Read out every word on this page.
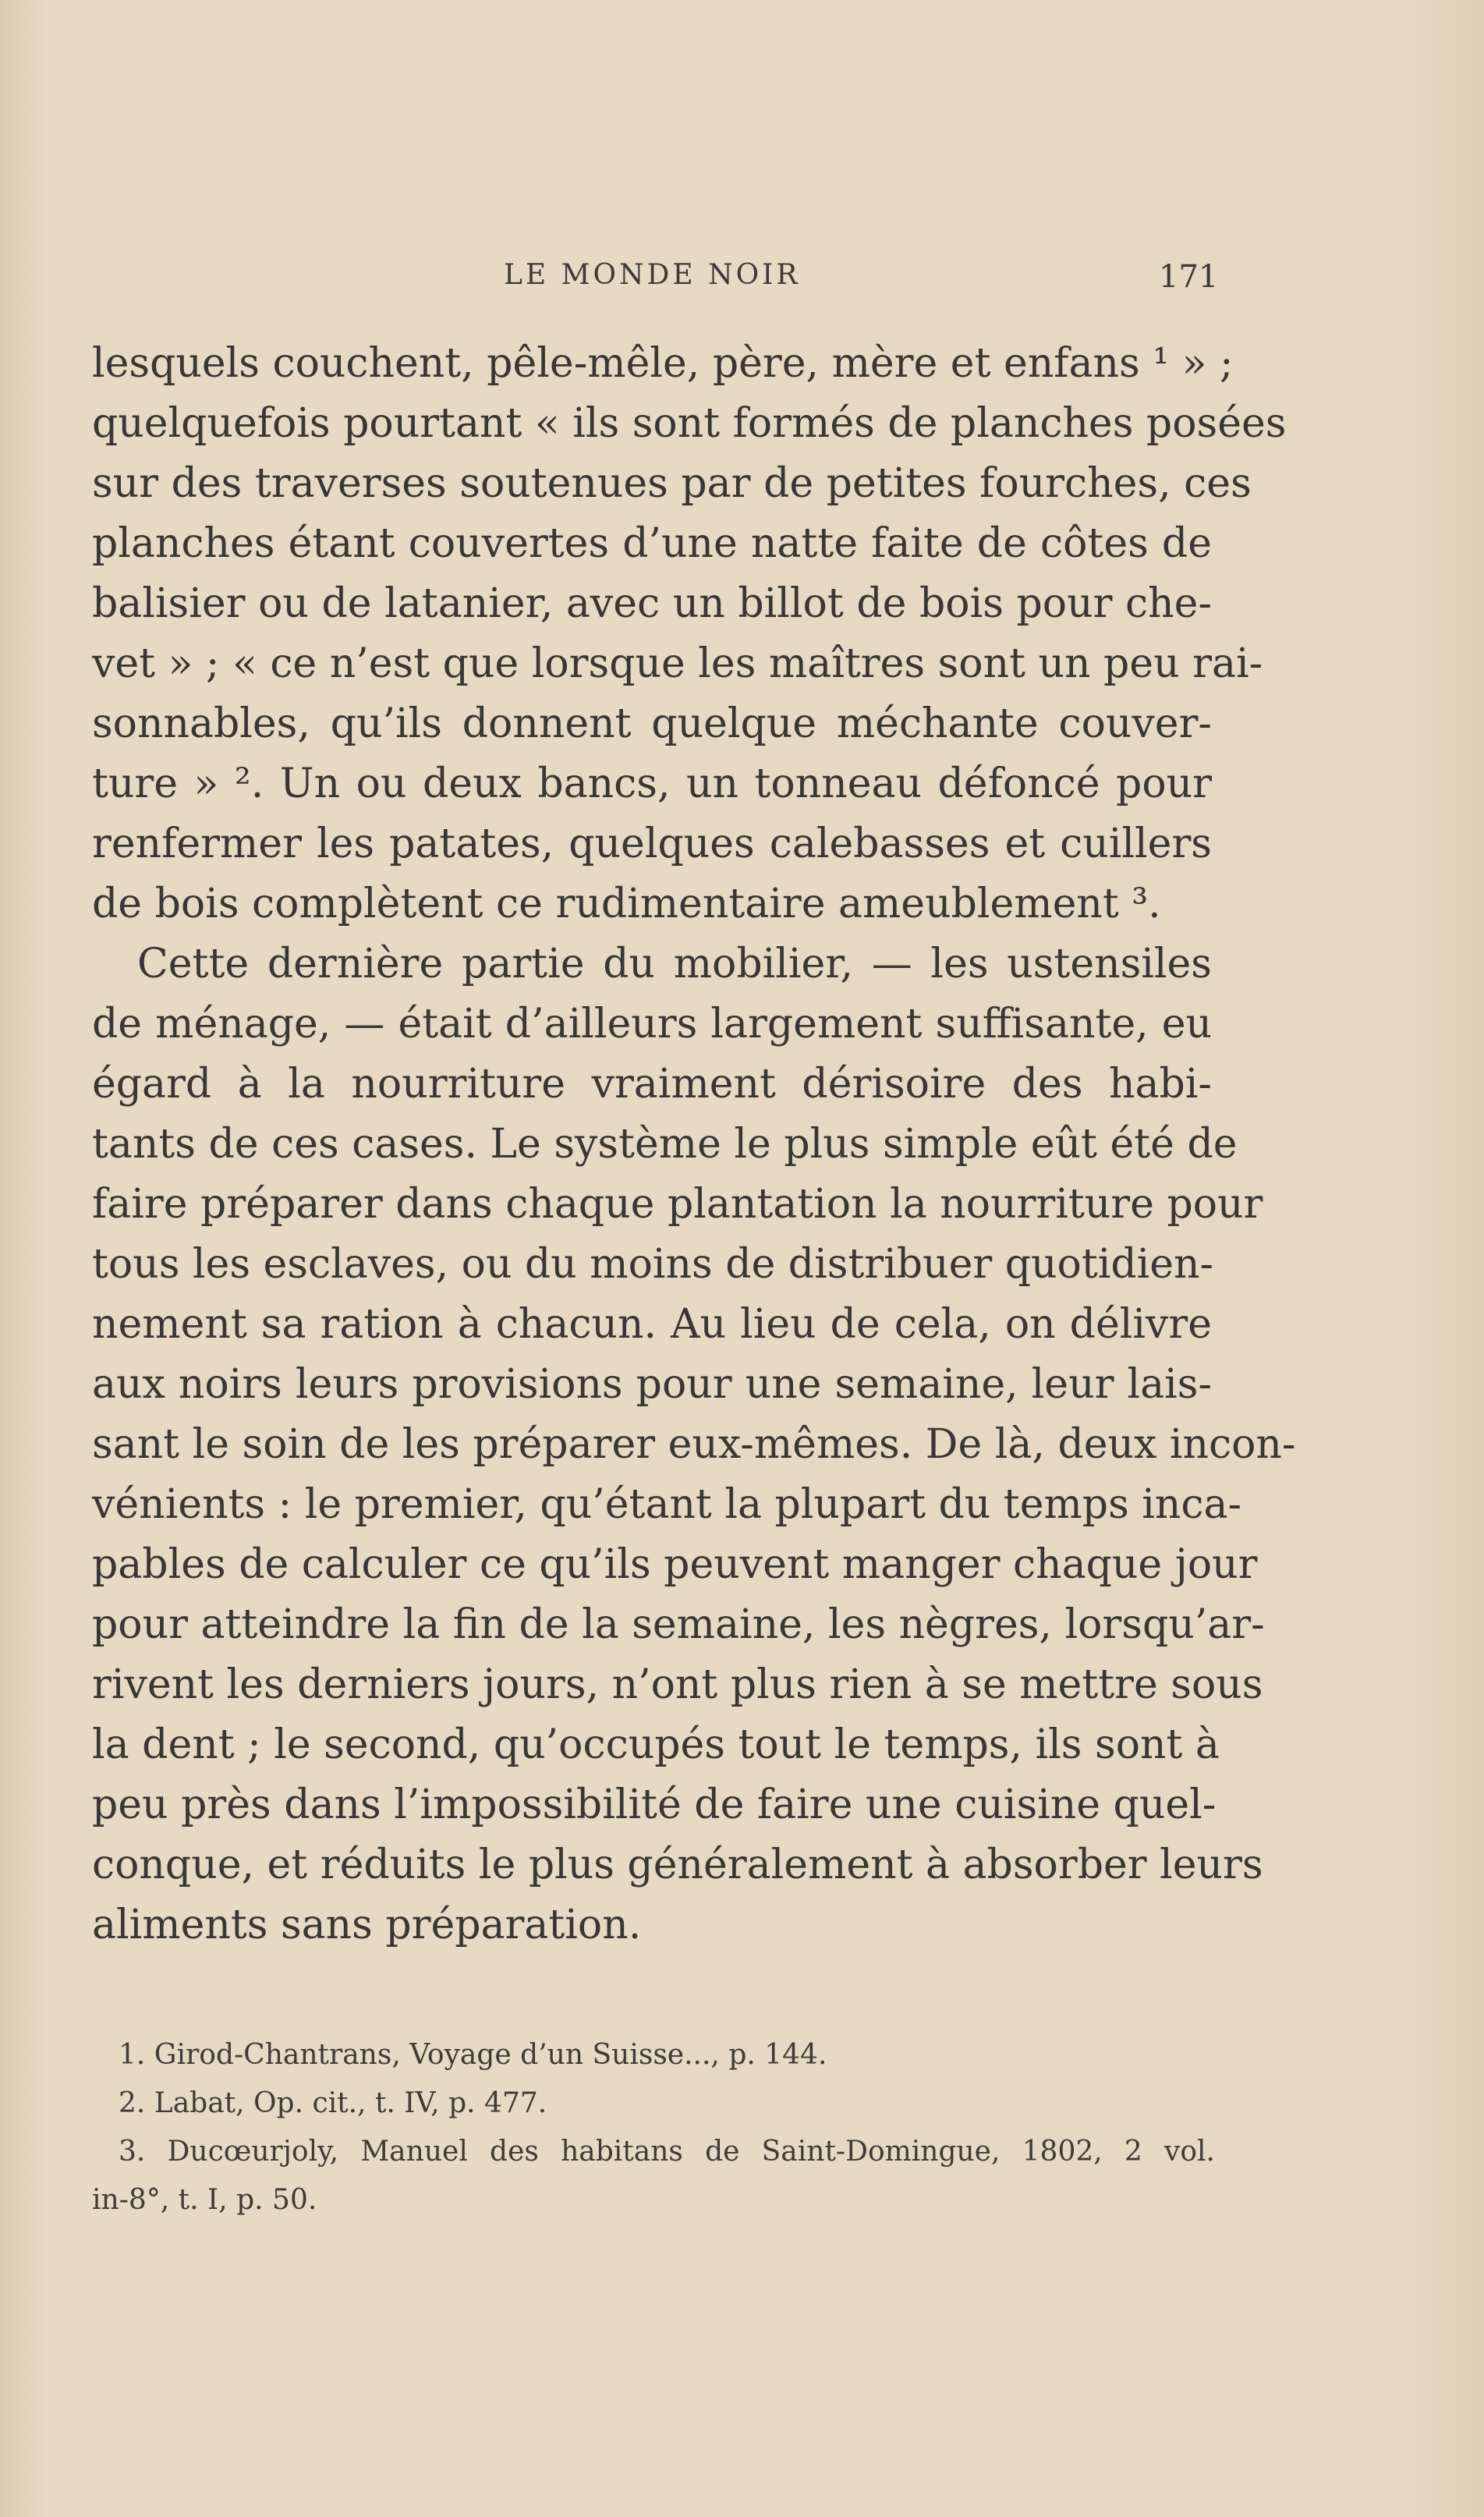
LE MONDE NOIR	171
lesquels couchent, pêle-mêle, père, mère et enfans ¹ » ;
quelquefois pourtant « ils sont formés de planches posées
sur des traverses soutenues par de petites fourches, ces
planches étant couvertes d’une natte faite de côtes de
balisier ou de latanier, avec un billot de bois pour che-
vet » ; « ce n’est que lorsque les maîtres sont un peu rai-
sonnables, qu’ils donnent quelque méchante couver-
ture » ². Un ou deux bancs, un tonneau défoncé pour
renfermer les patates, quelques calebasses et cuillers
de bois complètent ce rudimentaire ameublement ³.
Cette dernière partie du mobilier, — les ustensiles
de ménage, — était d’ailleurs largement suffisante, eu
égard à la nourriture vraiment dérisoire des habi-
tants de ces cases. Le système le plus simple eût été de
faire préparer dans chaque plantation la nourriture pour
tous les esclaves, ou du moins de distribuer quotidien-
nement sa ration à chacun. Au lieu de cela, on délivre
aux noirs leurs provisions pour une semaine, leur lais-
sant le soin de les préparer eux-mêmes. De là, deux incon-
vénients : le premier, qu’étant la plupart du temps inca-
pables de calculer ce qu’ils peuvent manger chaque jour
pour atteindre la fin de la semaine, les nègres, lorsqu’ar-
rivent les derniers jours, n’ont plus rien à se mettre sous
la dent ; le second, qu’occupés tout le temps, ils sont à
peu près dans l’impossibilité de faire une cuisine quel-
conque, et réduits le plus généralement à absorber leurs
aliments sans préparation.
1. Girod-Chantrans, Voyage d’un Suisse..., p. 144.
2. Labat, Op. cit., t. IV, p. 477.
3. Ducœurjoly, Manuel des habitans de Saint-Domingue, 1802, 2 vol.
in-8°, t. I, p. 50.
